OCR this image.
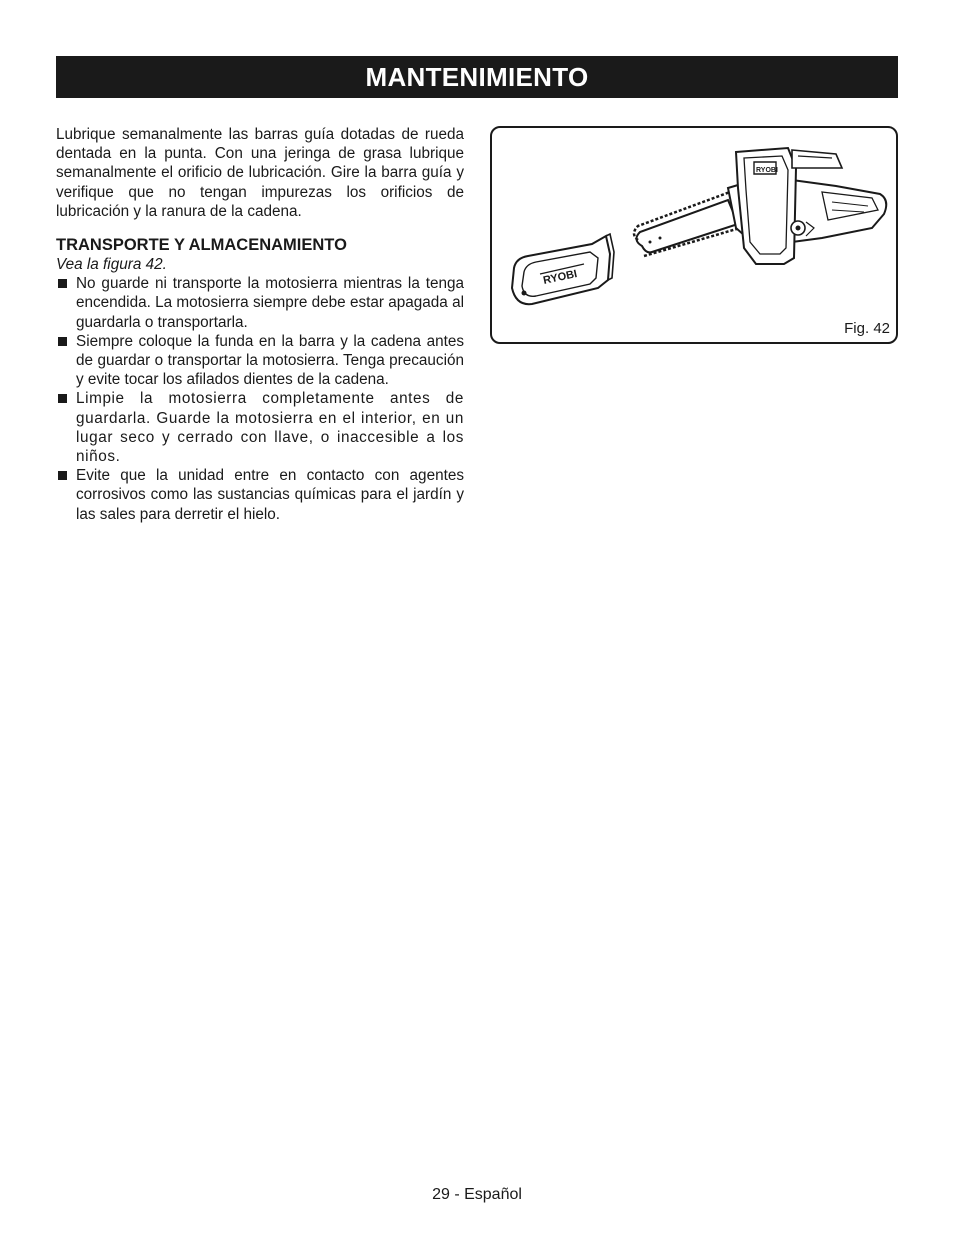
MANTENIMIENTO

Lubrique semanalmente las barras guía dotadas de rueda dentada en la punta. Con una jeringa de grasa lubrique semanalmente el orificio de lubricación. Gire la barra guía y verifique que no tengan impurezas los orificios de lubricación y la ranura de la cadena.

TRANSPORTE Y ALMACENAMIENTO

Vea la figura 42.

No guarde ni transporte la motosierra mientras la tenga encendida. La motosierra siempre debe estar apagada al guardarla o transportarla.
Siempre coloque la funda en la barra y la cadena antes de guardar o transportar la motosierra. Tenga precaución y evite tocar los afilados dientes de la cadena.
Limpie la motosierra completamente antes de guardarla. Guarde la motosierra en el interior, en un lugar seco y cerrado con llave, o inaccesible a los niños.
Evite que la unidad entre en contacto con agentes corrosivos como las sustancias químicas para el jardín y las sales para derretir el hielo.
RYOBI
RYOBI
Fig. 42
29 - Español
